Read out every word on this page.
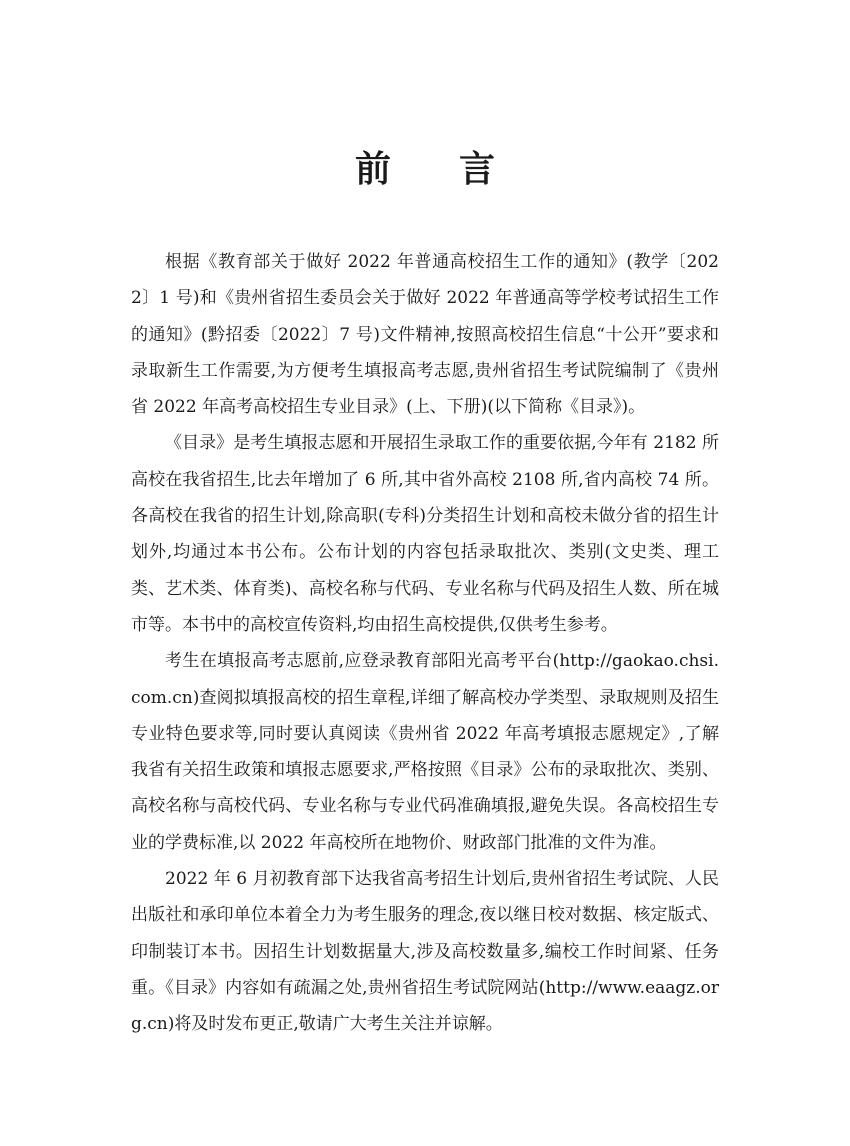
前言

根据《教育部关于做好 2022 年普通高校招生工作的通知》(教学〔2022〕1 号)和《贵州省招生委员会关于做好 2022 年普通高等学校考试招生工作的通知》(黔招委〔2022〕7 号)文件精神,按照高校招生信息“十公开”要求和录取新生工作需要,为方便考生填报高考志愿,贵州省招生考试院编制了《贵州省 2022 年高考高校招生专业目录》(上、下册)(以下简称《目录》)。

《目录》是考生填报志愿和开展招生录取工作的重要依据,今年有 2182 所高校在我省招生,比去年增加了 6 所,其中省外高校 2108 所,省内高校 74 所。各高校在我省的招生计划,除高职(专科)分类招生计划和高校未做分省的招生计划外,均通过本书公布。公布计划的内容包括录取批次、类别(文史类、理工类、艺术类、体育类)、高校名称与代码、专业名称与代码及招生人数、所在城市等。本书中的高校宣传资料,均由招生高校提供,仅供考生参考。

考生在填报高考志愿前,应登录教育部阳光高考平台(http://gaokao.chsi.com.cn)查阅拟填报高校的招生章程,详细了解高校办学类型、录取规则及招生专业特色要求等,同时要认真阅读《贵州省 2022 年高考填报志愿规定》,了解我省有关招生政策和填报志愿要求,严格按照《目录》公布的录取批次、类别、高校名称与高校代码、专业名称与专业代码准确填报,避免失误。各高校招生专业的学费标准,以 2022 年高校所在地物价、财政部门批准的文件为准。

2022 年 6 月初教育部下达我省高考招生计划后,贵州省招生考试院、人民出版社和承印单位本着全力为考生服务的理念,夜以继日校对数据、核定版式、印制装订本书。因招生计划数据量大,涉及高校数量多,编校工作时间紧、任务重。《目录》内容如有疏漏之处,贵州省招生考试院网站(http://www.eaagz.org.cn)将及时发布更正,敬请广大考生关注并谅解。
